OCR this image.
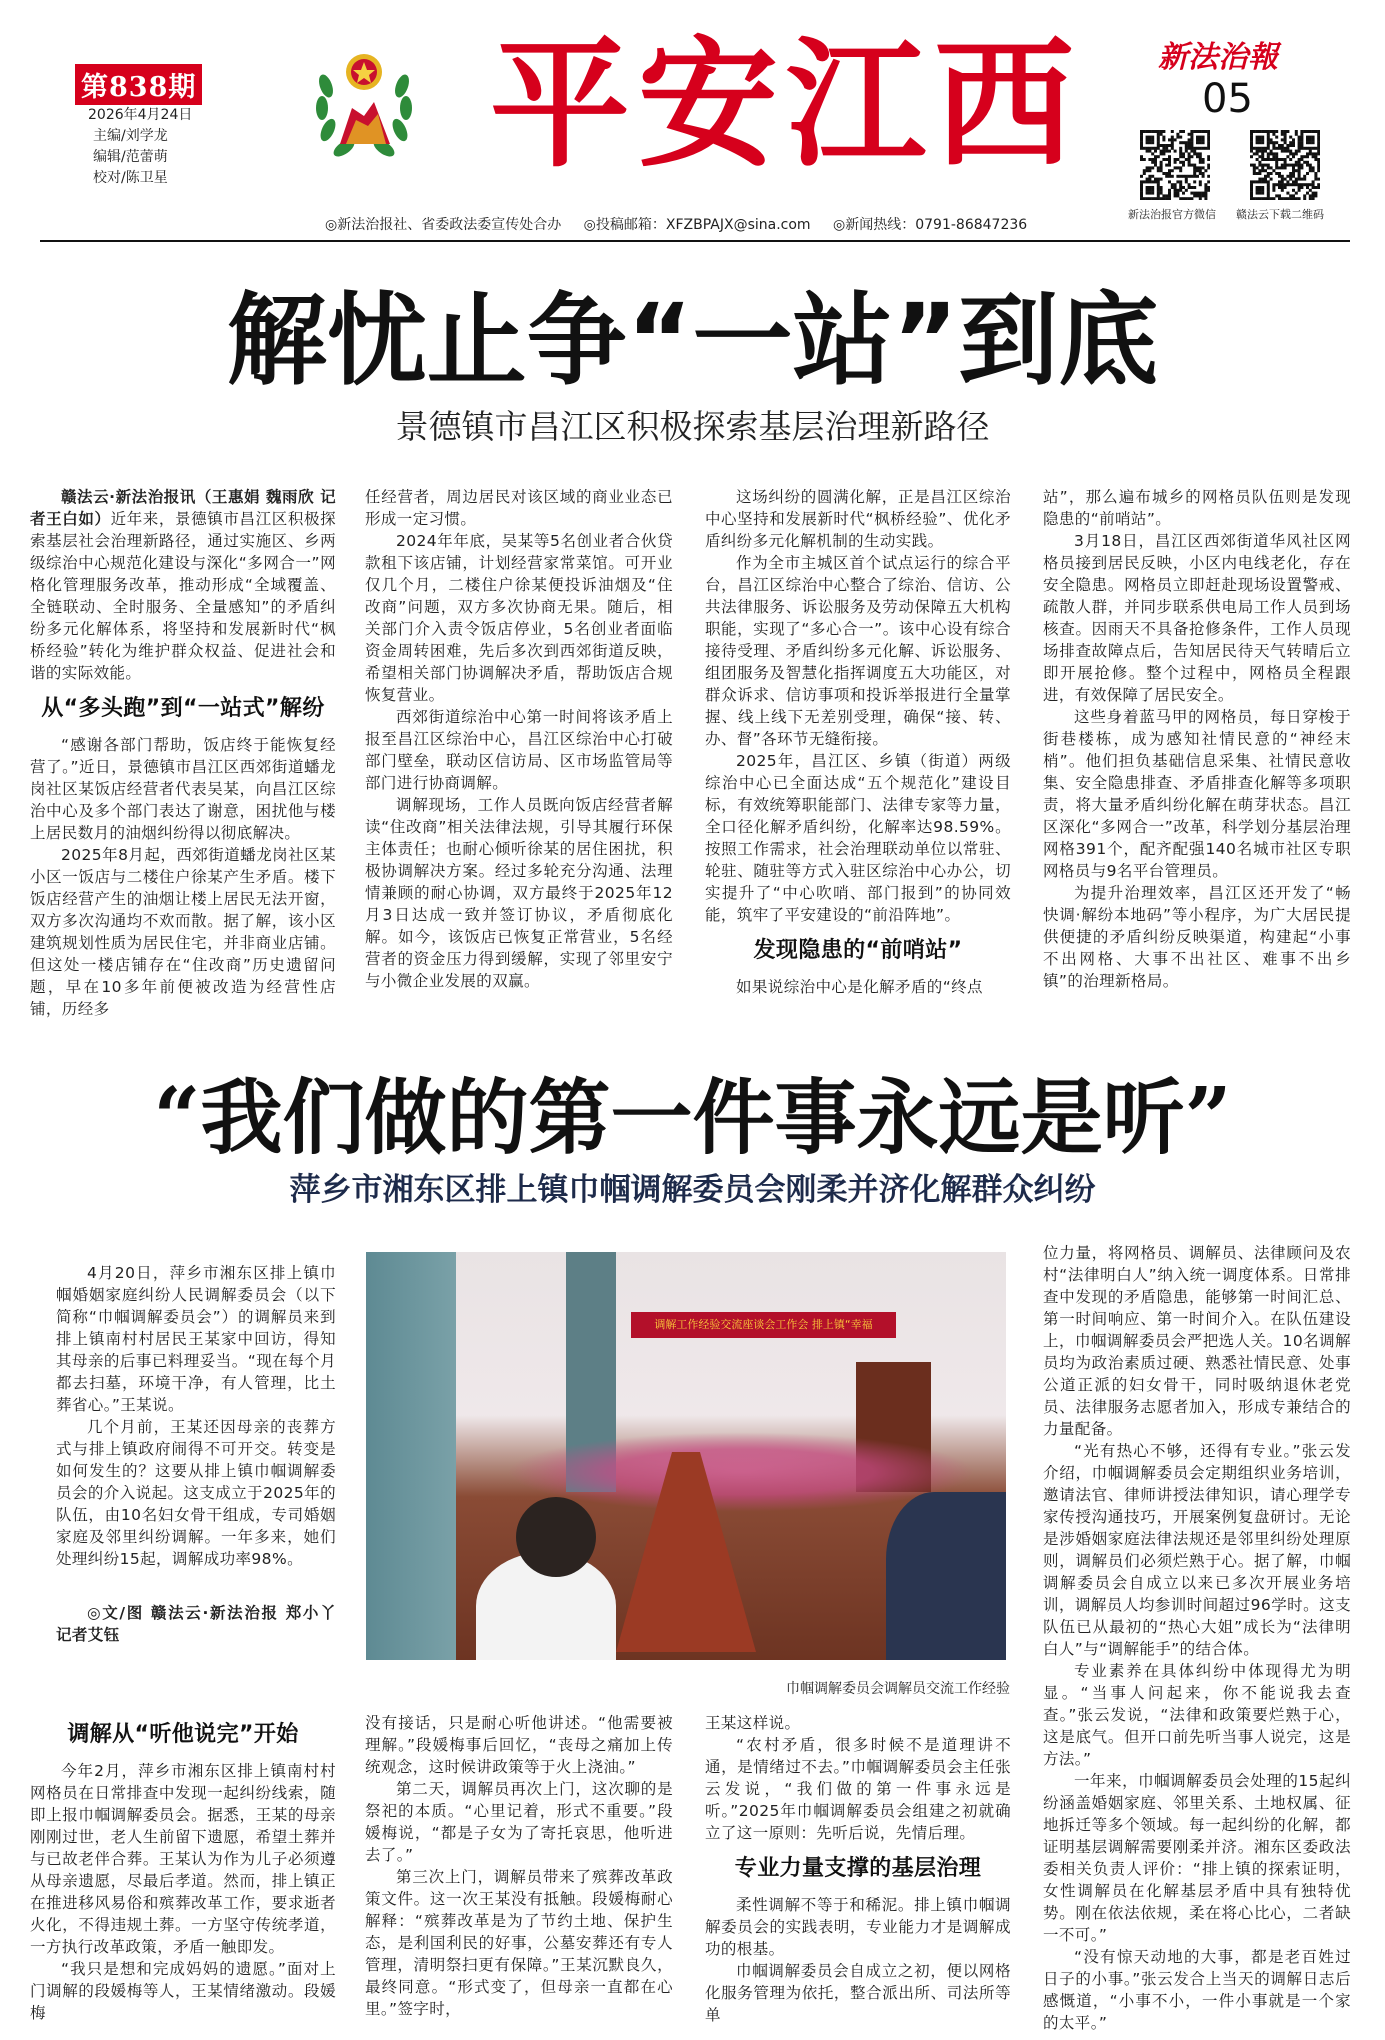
第838期
2026年4月24日
主编/刘学龙
编辑/范蕾萌
校对/陈卫星 平安江西	新法治報
05
新法治报官方微信 赣法云下载二维码
◎新法治报社、省委政法委宣传处合办 ◎投稿邮箱：XFZBPAJX@sina.com ◎新闻热线：0791-86847236
解忧止争“一站”到底
景德镇市昌江区积极探索基层治理新路径

赣法云·新法治报讯（王惠娟 魏雨欣 记者王白如）近年来，景德镇市昌江区积极探索基层社会治理新路径，通过实施区、乡两级综治中心规范化建设与深化“多网合一”网格化管理服务改革，推动形成“全域覆盖、全链联动、全时服务、全量感知”的矛盾纠纷多元化解体系，将坚持和发展新时代“枫桥经验”转化为维护群众权益、促进社会和谐的实际效能。

从“多头跑”到“一站式”解纷

“感谢各部门帮助，饭店终于能恢复经营了。”近日，景德镇市昌江区西郊街道蟠龙岗社区某饭店经营者代表吴某，向昌江区综治中心及多个部门表达了谢意，困扰他与楼上居民数月的油烟纠纷得以彻底解决。

2025年8月起，西郊街道蟠龙岗社区某小区一饭店与二楼住户徐某产生矛盾。楼下饭店经营产生的油烟让楼上居民无法开窗，双方多次沟通均不欢而散。据了解，该小区建筑规划性质为居民住宅，并非商业店铺。但这处一楼店铺存在“住改商”历史遗留问题，早在10多年前便被改造为经营性店铺，历经多

任经营者，周边居民对该区域的商业业态已形成一定习惯。

2024年年底，吴某等5名创业者合伙贷款租下该店铺，计划经营家常菜馆。可开业仅几个月，二楼住户徐某便投诉油烟及“住改商”问题，双方多次协商无果。随后，相关部门介入责令饭店停业，5名创业者面临资金周转困难，先后多次到西郊街道反映，希望相关部门协调解决矛盾，帮助饭店合规恢复营业。

西郊街道综治中心第一时间将该矛盾上报至昌江区综治中心，昌江区综治中心打破部门壁垒，联动区信访局、区市场监管局等部门进行协商调解。

调解现场，工作人员既向饭店经营者解读“住改商”相关法律法规，引导其履行环保主体责任；也耐心倾听徐某的居住困扰，积极协调解决方案。经过多轮充分沟通、法理情兼顾的耐心协调，双方最终于2025年12月3日达成一致并签订协议，矛盾彻底化解。如今，该饭店已恢复正常营业，5名经营者的资金压力得到缓解，实现了邻里安宁与小微企业发展的双赢。

这场纠纷的圆满化解，正是昌江区综治中心坚持和发展新时代“枫桥经验”、优化矛盾纠纷多元化解机制的生动实践。

作为全市主城区首个试点运行的综合平台，昌江区综治中心整合了综治、信访、公共法律服务、诉讼服务及劳动保障五大机构职能，实现了“多心合一”。该中心设有综合接待受理、矛盾纠纷多元化解、诉讼服务、组团服务及智慧化指挥调度五大功能区，对群众诉求、信访事项和投诉举报进行全量掌握、线上线下无差别受理，确保“接、转、办、督”各环节无缝衔接。

2025年，昌江区、乡镇（街道）两级综治中心已全面达成“五个规范化”建设目标，有效统筹职能部门、法律专家等力量，全口径化解矛盾纠纷，化解率达98.59%。按照工作需求，社会治理联动单位以常驻、轮驻、随驻等方式入驻区综治中心办公，切实提升了“中心吹哨、部门报到”的协同效能，筑牢了平安建设的“前沿阵地”。

发现隐患的“前哨站”

如果说综治中心是化解矛盾的“终点

站”，那么遍布城乡的网格员队伍则是发现隐患的“前哨站”。

3月18日，昌江区西郊街道华风社区网格员接到居民反映，小区内电线老化，存在安全隐患。网格员立即赶赴现场设置警戒、疏散人群，并同步联系供电局工作人员到场核查。因雨天不具备抢修条件，工作人员现场排查故障点后，告知居民待天气转晴后立即开展抢修。整个过程中，网格员全程跟进，有效保障了居民安全。

这些身着蓝马甲的网格员，每日穿梭于街巷楼栋，成为感知社情民意的“神经末梢”。他们担负基础信息采集、社情民意收集、安全隐患排查、矛盾排查化解等多项职责，将大量矛盾纠纷化解在萌芽状态。昌江区深化“多网合一”改革，科学划分基层治理网格391个，配齐配强140名城市社区专职网格员与9名平台管理员。

为提升治理效率，昌江区还开发了“畅快调·解纷本地码”等小程序，为广大居民提供便捷的矛盾纠纷反映渠道，构建起“小事不出网格、大事不出社区、难事不出乡镇”的治理新格局。

“我们做的第一件事永远是听”
萍乡市湘东区排上镇巾帼调解委员会刚柔并济化解群众纠纷

4月20日，萍乡市湘东区排上镇巾帼婚姻家庭纠纷人民调解委员会（以下简称“巾帼调解委员会”）的调解员来到排上镇南村村居民王某家中回访，得知其母亲的后事已料理妥当。“现在每个月都去扫墓，环境干净，有人管理，比土葬省心。”王某说。

几个月前，王某还因母亲的丧葬方式与排上镇政府闹得不可开交。转变是如何发生的？这要从排上镇巾帼调解委员会的介入说起。这支成立于2025年的队伍，由10名妇女骨干组成，专司婚姻家庭及邻里纠纷调解。一年多来，她们处理纠纷15起，调解成功率98%。

◎文/图 赣法云·新法治报 郑小丫 记者艾钰

调解工作经验交流座谈会工作会 排上镇“幸福
巾帼调解委员会调解员交流工作经验

位力量，将网格员、调解员、法律顾问及农村“法律明白人”纳入统一调度体系。日常排查中发现的矛盾隐患，能够第一时间汇总、第一时间响应、第一时间介入。在队伍建设上，巾帼调解委员会严把选人关。10名调解员均为政治素质过硬、熟悉社情民意、处事公道正派的妇女骨干，同时吸纳退休老党员、法律服务志愿者加入，形成专兼结合的力量配备。

“光有热心不够，还得有专业。”张云发介绍，巾帼调解委员会定期组织业务培训，邀请法官、律师讲授法律知识，请心理学专家传授沟通技巧，开展案例复盘研讨。无论是涉婚姻家庭法律法规还是邻里纠纷处理原则，调解员们必须烂熟于心。据了解，巾帼调解委员会自成立以来已多次开展业务培训，调解员人均参训时间超过96学时。这支队伍已从最初的“热心大姐”成长为“法律明白人”与“调解能手”的结合体。

专业素养在具体纠纷中体现得尤为明显。“当事人问起来，你不能说我去查查。”张云发说，“法律和政策要烂熟于心，这是底气。但开口前先听当事人说完，这是方法。”

一年来，巾帼调解委员会处理的15起纠纷涵盖婚姻家庭、邻里关系、土地权属、征地拆迁等多个领域。每一起纠纷的化解，都证明基层调解需要刚柔并济。湘东区委政法委相关负责人评价：“排上镇的探索证明，女性调解员在化解基层矛盾中具有独特优势。刚在依法依规，柔在将心比心，二者缺一不可。”

“没有惊天动地的大事，都是老百姓过日子的小事。”张云发合上当天的调解日志后感慨道，“小事不小，一件小事就是一个家的太平。”

调解从“听他说完”开始

今年2月，萍乡市湘东区排上镇南村村网格员在日常排查中发现一起纠纷线索，随即上报巾帼调解委员会。据悉，王某的母亲刚刚过世，老人生前留下遗愿，希望土葬并与已故老伴合葬。王某认为作为儿子必须遵从母亲遗愿，尽最后孝道。然而，排上镇正在推进移风易俗和殡葬改革工作，要求逝者火化，不得违规土葬。一方坚守传统孝道，一方执行改革政策，矛盾一触即发。

“我只是想和完成妈妈的遗愿。”面对上门调解的段媛梅等人，王某情绪激动。段媛梅

没有接话，只是耐心听他讲述。“他需要被理解。”段媛梅事后回忆，“丧母之痛加上传统观念，这时候讲政策等于火上浇油。”

第二天，调解员再次上门，这次聊的是祭祀的本质。“心里记着，形式不重要。”段媛梅说，“都是子女为了寄托哀思，他听进去了。”

第三次上门，调解员带来了殡葬改革政策文件。这一次王某没有抵触。段媛梅耐心解释：“殡葬改革是为了节约土地、保护生态，是利国利民的好事，公墓安葬还有专人管理，清明祭扫更有保障。”王某沉默良久，最终同意。“形式变了，但母亲一直都在心里。”签字时，

王某这样说。

“农村矛盾，很多时候不是道理讲不通，是情绪过不去。”巾帼调解委员会主任张云发说，“我们做的第一件事永远是听。”2025年巾帼调解委员会组建之初就确立了这一原则：先听后说，先情后理。

专业力量支撑的基层治理

柔性调解不等于和稀泥。排上镇巾帼调解委员会的实践表明，专业能力才是调解成功的根基。

巾帼调解委员会自成立之初，便以网格化服务管理为依托，整合派出所、司法所等单
